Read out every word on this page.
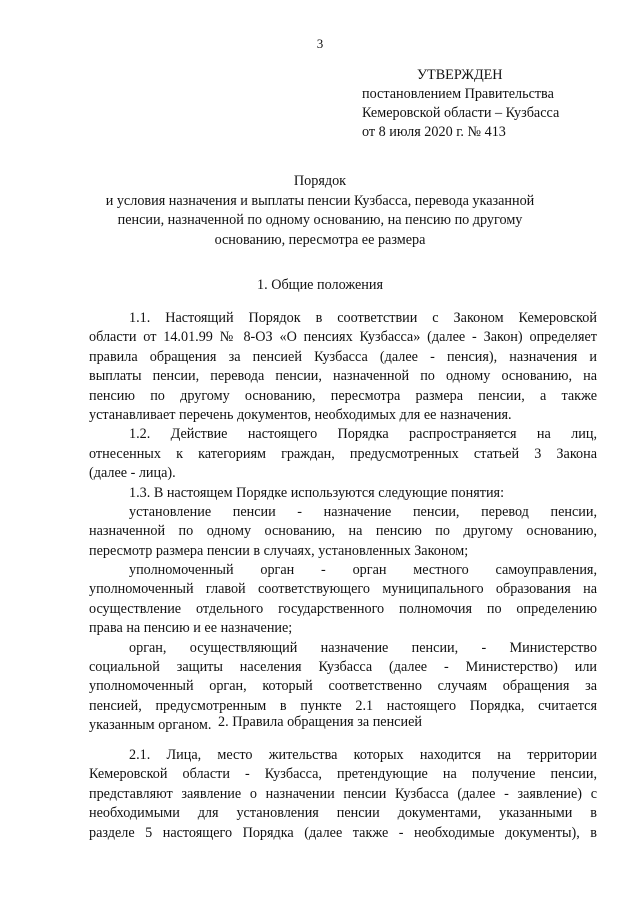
3
УТВЕРЖДЕН
постановлением Правительства
Кемеровской области – Кузбасса
от 8 июля 2020 г. № 413
Порядок
и условия назначения и выплаты пенсии Кузбасса, перевода указанной
пенсии, назначенной по одному основанию, на пенсию по другому
основанию, пересмотра ее размера
1. Общие положения
1.1. Настоящий Порядок в соответствии с Законом Кемеровской
области от 14.01.99 № 8-ОЗ «О пенсиях Кузбасса» (далее - Закон) определяет
правила обращения за пенсией Кузбасса (далее - пенсия), назначения и
выплаты пенсии, перевода пенсии, назначенной по одному основанию, на
пенсию по другому основанию, пересмотра размера пенсии, а также
устанавливает перечень документов, необходимых для ее назначения.
1.2. Действие настоящего Порядка распространяется на лиц,
отнесенных к категориям граждан, предусмотренных статьей 3 Закона
(далее - лица).
1.3. В настоящем Порядке используются следующие понятия:
установление пенсии - назначение пенсии, перевод пенсии,
назначенной по одному основанию, на пенсию по другому основанию,
пересмотр размера пенсии в случаях, установленных Законом;
уполномоченный орган - орган местного самоуправления,
уполномоченный главой соответствующего муниципального образования на
осуществление отдельного государственного полномочия по определению
права на пенсию и ее назначение;
орган, осуществляющий назначение пенсии, - Министерство
социальной защиты населения Кузбасса (далее - Министерство) или
уполномоченный орган, который соответственно случаям обращения за
пенсией, предусмотренным в пункте 2.1 настоящего Порядка, считается
указанным органом. 2. Правила обращения за пенсией
2.1. Лица, место жительства которых находится на территории
Кемеровской области - Кузбасса, претендующие на получение пенсии,
представляют заявление о назначении пенсии Кузбасса (далее - заявление) с
необходимыми для установления пенсии документами, указанными в
разделе 5 настоящего Порядка (далее также - необходимые документы), в
